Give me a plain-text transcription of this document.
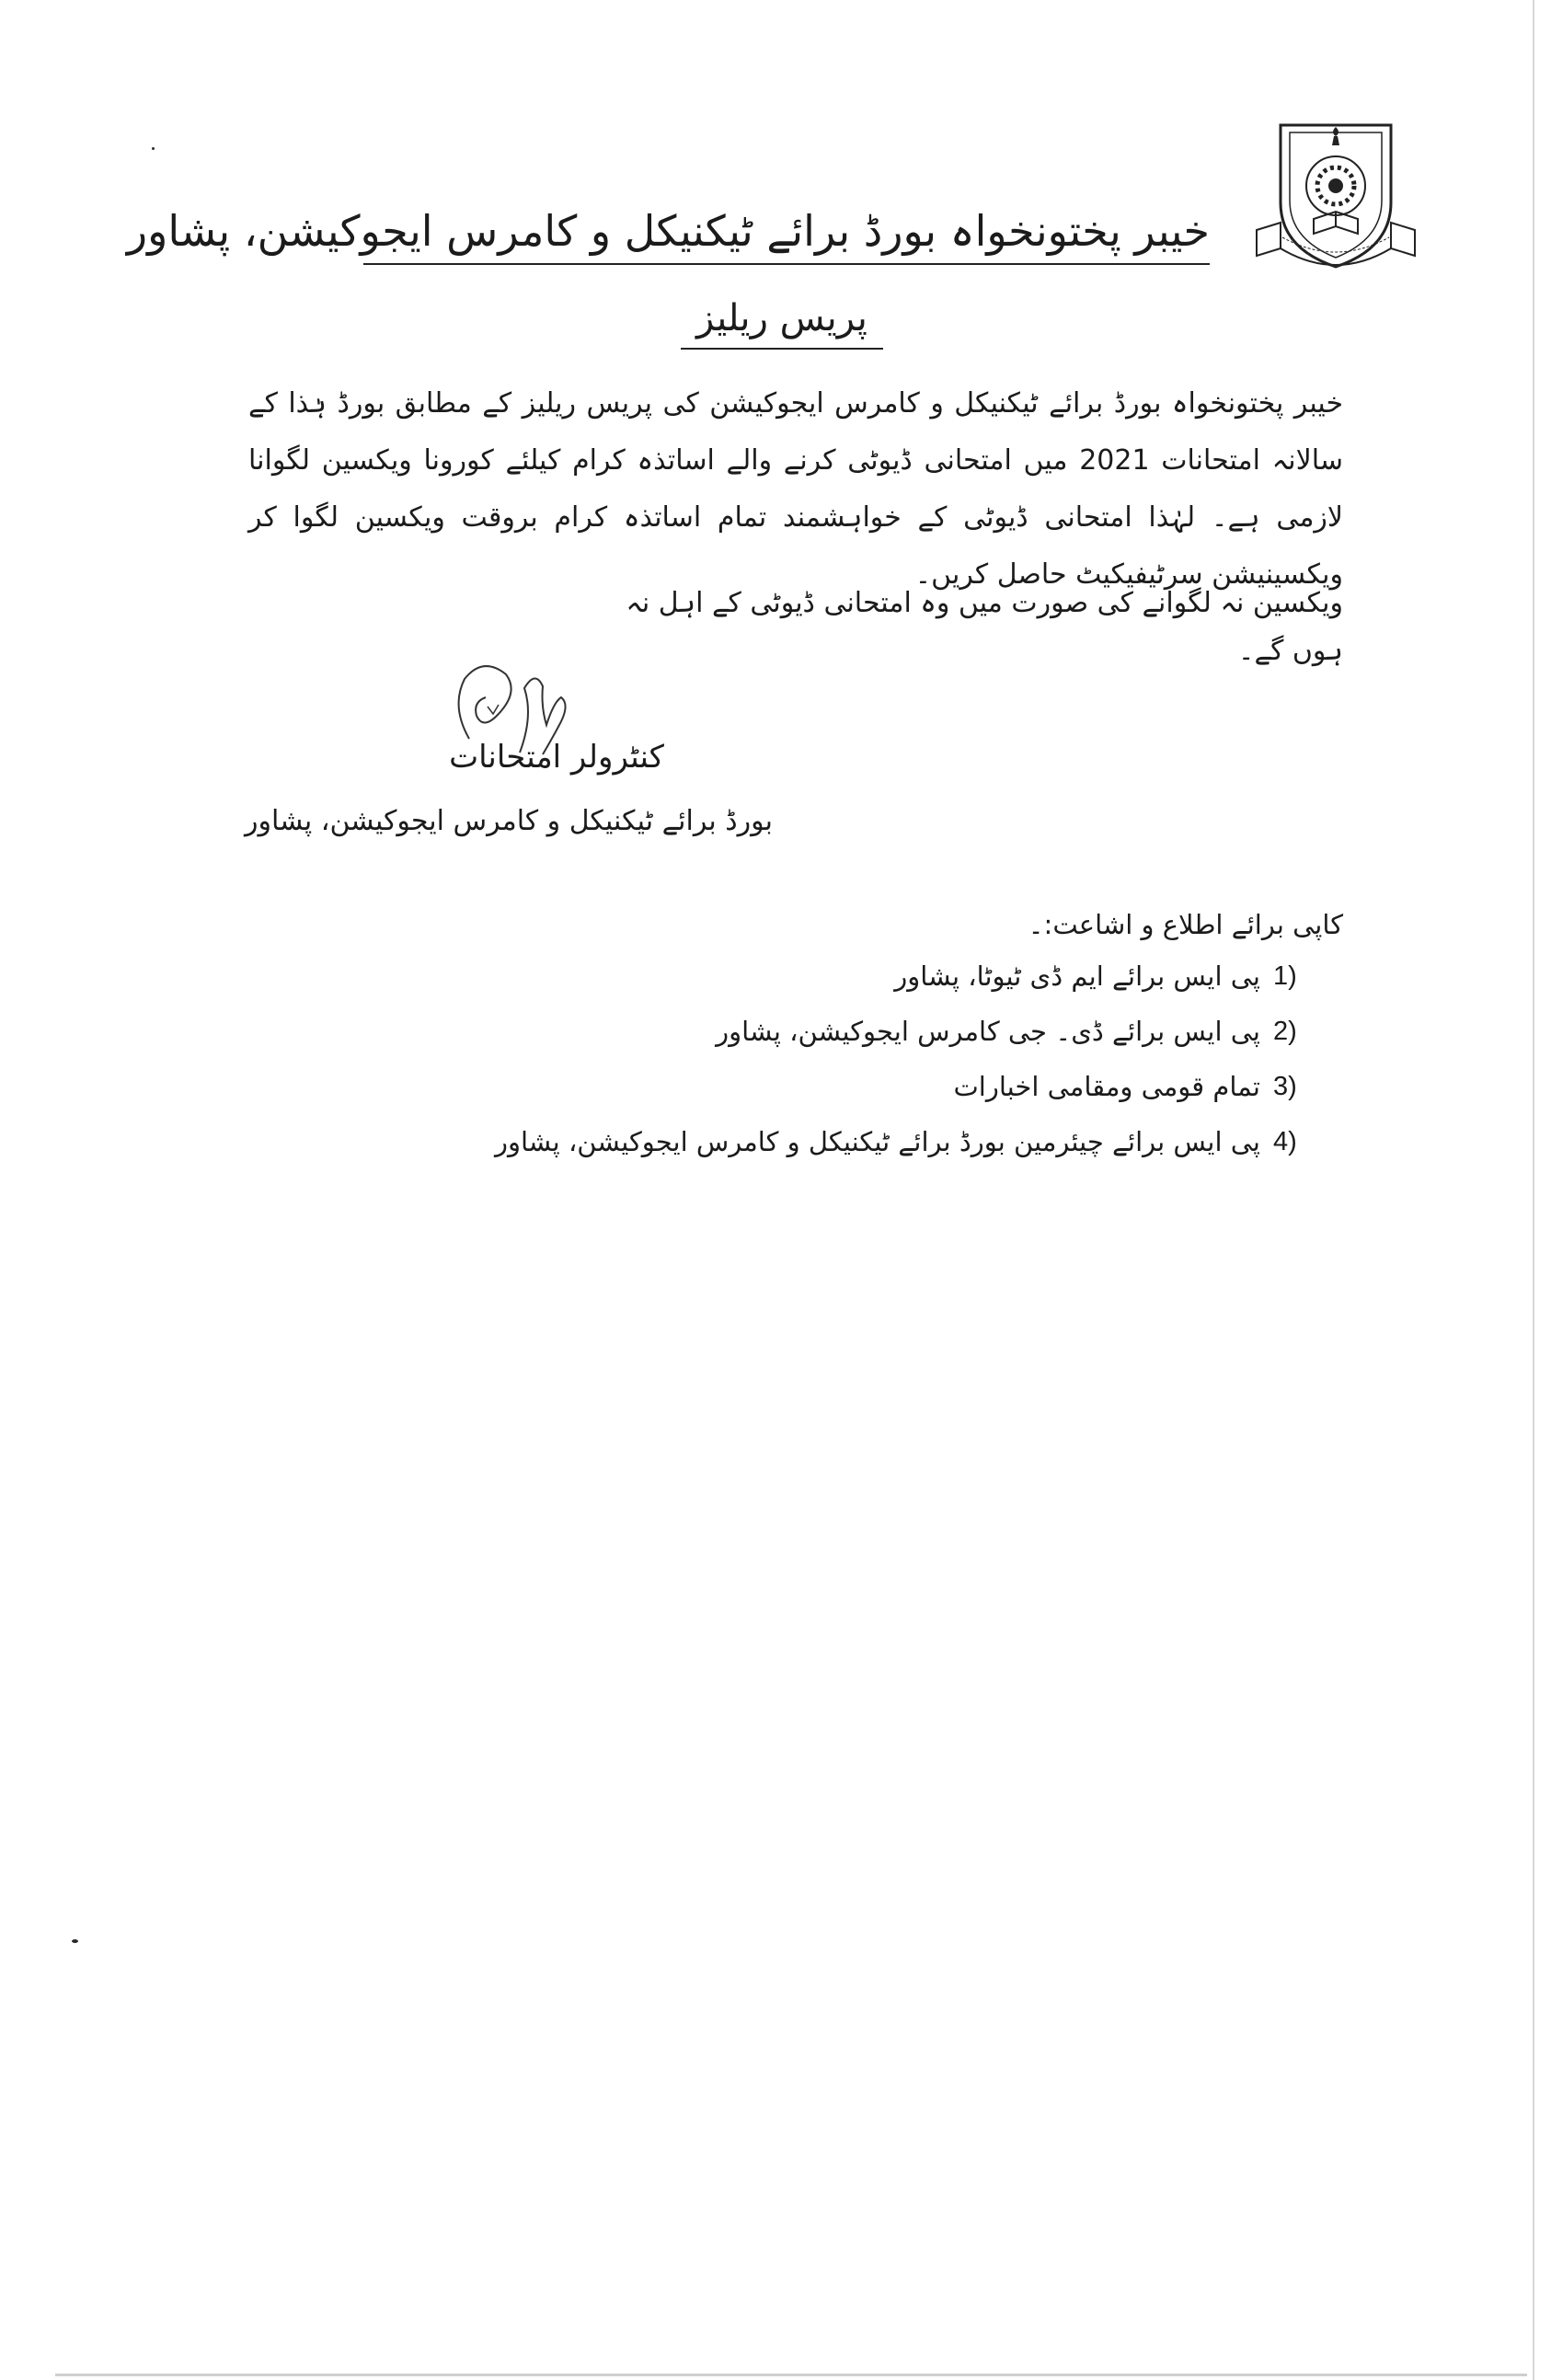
خیبر پختونخواہ بورڈ برائے ٹیکنیکل و کامرس ایجوکیشن، پشاور
پریس ریلیز
خیبر پختونخواہ بورڈ برائے ٹیکنیکل و کامرس ایجوکیشن کی پریس ریلیز کے مطابق بورڈ ہٰذا کے سالانہ امتحانات 2021 میں امتحانی ڈیوٹی کرنے والے اساتذہ کرام کیلئے کورونا ویکسین لگوانا لازمی ہے۔ لہٰذا امتحانی ڈیوٹی کے خواہشمند تمام اساتذہ کرام بروقت ویکسین لگوا کر ویکسینیشن سرٹیفیکیٹ حاصل کریں۔
ویکسین نہ لگوانے کی صورت میں وہ امتحانی ڈیوٹی کے اہل نہ ہوں گے۔
کنٹرولر امتحانات
بورڈ برائے ٹیکنیکل و کامرس ایجوکیشن، پشاور
کاپی برائے اطلاع و اشاعت:۔
1)
پی ایس برائے ایم ڈی ٹیوٹا، پشاور
2)
پی ایس برائے ڈی۔ جی کامرس ایجوکیشن، پشاور
3)
تمام قومی ومقامی اخبارات
4)
پی ایس برائے چیئرمین بورڈ برائے ٹیکنیکل و کامرس ایجوکیشن، پشاور
